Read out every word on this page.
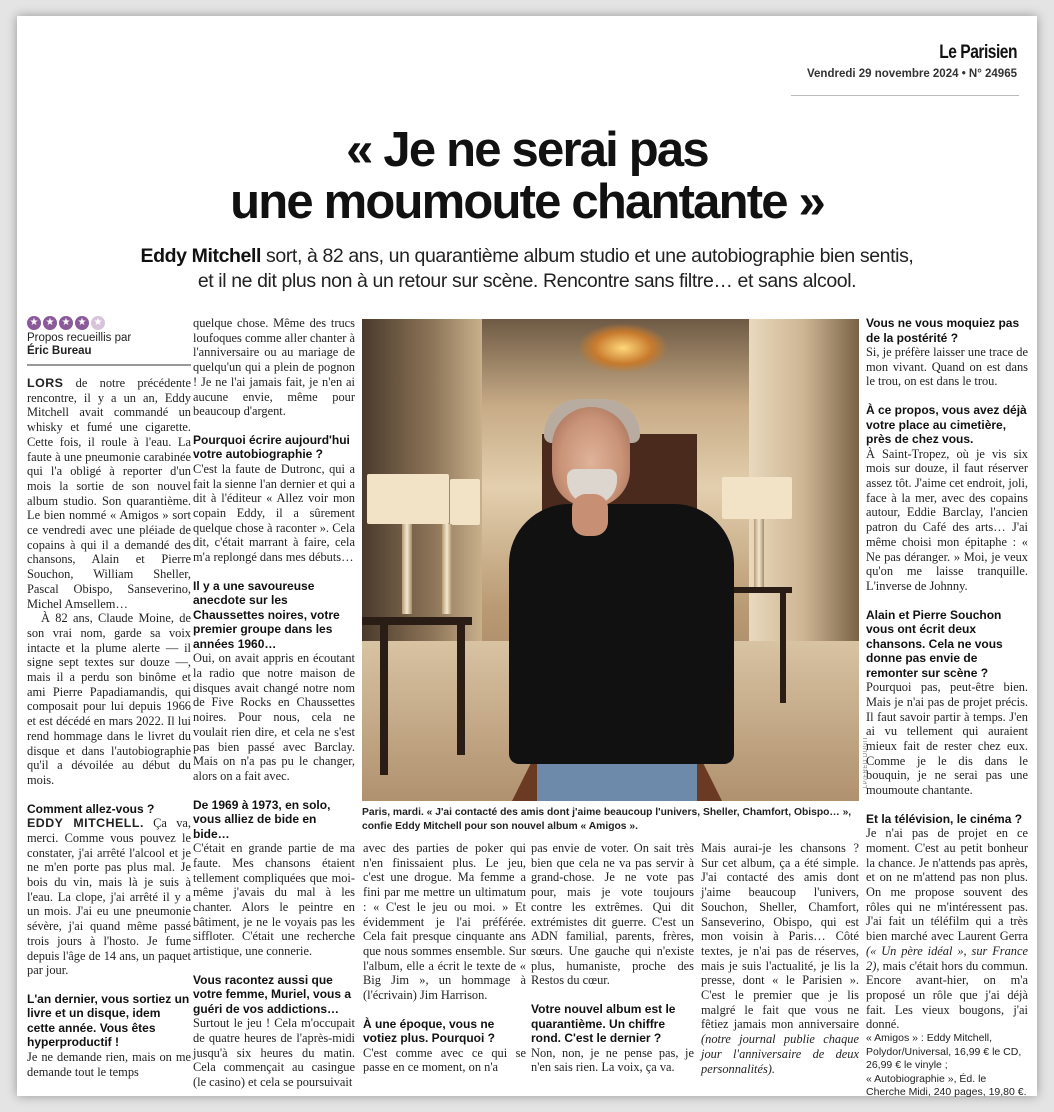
Le Parisien
Vendredi 29 novembre 2024 • N° 24965
« Je ne serai pas
une moumoute chantante »
Eddy Mitchell sort, à 82 ans, un quarantième album studio et une autobiographie bien sentis,
et il ne dit plus non à un retour sur scène. Rencontre sans filtre… et sans alcool.
★ ★ ★ ★ ★
Propos recueillis par
Éric Bureau

LORS de notre précédente rencontre, il y a un an, Eddy Mitchell avait commandé un whisky et fumé une cigarette. Cette fois, il roule à l'eau. La faute à une pneumonie carabinée qui l'a obligé à reporter d'un mois la sortie de son nouvel album studio. Son quarantième. Le bien nommé « Amigos » sort ce vendredi avec une pléiade de copains à qui il a demandé des chansons, Alain et Pierre Souchon, William Sheller, Pascal Obispo, Sanseverino, Michel Amsellem…

À 82 ans, Claude Moine, de son vrai nom, garde sa voix intacte et la plume alerte — il signe sept textes sur douze —, mais il a perdu son binôme et ami Pierre Papadiamandis, qui composait pour lui depuis 1966 et est décédé en mars 2022. Il lui rend hommage dans le livret du disque et dans l'autobiographie qu'il a dévoilée au début du mois.

Comment allez-vous ?

EDDY MITCHELL. Ça va, merci. Comme vous pouvez le constater, j'ai arrêté l'alcool et je ne m'en porte pas plus mal. Je bois du vin, mais là je suis à l'eau. La clope, j'ai arrêté il y a un mois. J'ai eu une pneumonie sévère, j'ai quand même passé trois jours à l'hosto. Je fume depuis l'âge de 14 ans, un paquet par jour.

L'an dernier, vous sortiez un livre et un disque, idem cette année. Vous êtes hyperproductif !

Je ne demande rien, mais on me demande tout le temps

quelque chose. Même des trucs loufoques comme aller chanter à l'anniversaire ou au mariage de quelqu'un qui a plein de pognon ! Je ne l'ai jamais fait, je n'en ai aucune envie, même pour beaucoup d'argent.

Pourquoi écrire aujourd'hui votre autobiographie ?

C'est la faute de Dutronc, qui a fait la sienne l'an dernier et qui a dit à l'éditeur « Allez voir mon copain Eddy, il a sûrement quelque chose à raconter ». Cela dit, c'était marrant à faire, cela m'a replongé dans mes débuts…

Il y a une savoureuse anecdote sur les Chaussettes noires, votre premier groupe dans les années 1960…

Oui, on avait appris en écoutant la radio que notre maison de disques avait changé notre nom de Five Rocks en Chaussettes noires. Pour nous, cela ne voulait rien dire, et cela ne s'est pas bien passé avec Barclay. Mais on n'a pas pu le changer, alors on a fait avec.

De 1969 à 1973, en solo, vous alliez de bide en bide…

C'était en grande partie de ma faute. Mes chansons étaient tellement compliquées que moi-même j'avais du mal à les chanter. Alors le peintre en bâtiment, je ne le voyais pas les siffloter. C'était une recherche artistique, une connerie.

Vous racontez aussi que votre femme, Muriel, vous a guéri de vos addictions…

Surtout le jeu ! Cela m'occupait de quatre heures de l'après-midi jusqu'à six heures du matin. Cela commençait au casingue (le casino) et cela se poursuivait

LP/FRED DUGIT
Paris, mardi. « J'ai contacté des amis dont j'aime beaucoup l'univers, Sheller, Chamfort, Obispo… », confie Eddy Mitchell pour son nouvel album « Amigos ».

avec des parties de poker qui n'en finissaient plus. Le jeu, c'est une drogue. Ma femme a fini par me mettre un ultimatum : « C'est le jeu ou moi. » Et évidemment je l'ai préférée. Cela fait presque cinquante ans que nous sommes ensemble. Sur l'album, elle a écrit le texte de « Big Jim », un hommage à (l'écrivain) Jim Harrison.

À une époque, vous ne votiez plus. Pourquoi ?

C'est comme avec ce qui se passe en ce moment, on n'a

pas envie de voter. On sait très bien que cela ne va pas servir à grand-chose. Je ne vote pas pour, mais je vote toujours contre les extrêmes. Qui dit extrémistes dit guerre. C'est un ADN familial, parents, frères, sœurs. Une gauche qui n'existe plus, humaniste, proche des Restos du cœur.

Votre nouvel album est le quarantième. Un chiffre rond. C'est le dernier ?

Non, non, je ne pense pas, je n'en sais rien. La voix, ça va.

Mais aurai-je les chansons ? Sur cet album, ça a été simple. J'ai contacté des amis dont j'aime beaucoup l'univers, Souchon, Sheller, Chamfort, Sanseverino, Obispo, qui est mon voisin à Paris… Côté textes, je n'ai pas de réserves, mais je suis l'actualité, je lis la presse, dont « le Parisien ». C'est le premier que je lis malgré le fait que vous ne fêtiez jamais mon anniversaire (notre journal publie chaque jour l'anniversaire de deux personnalités).

Vous ne vous moquiez pas de la postérité ?

Si, je préfère laisser une trace de mon vivant. Quand on est dans le trou, on est dans le trou.

À ce propos, vous avez déjà votre place au cimetière, près de chez vous.

À Saint-Tropez, où je vis six mois sur douze, il faut réserver assez tôt. J'aime cet endroit, joli, face à la mer, avec des copains autour, Eddie Barclay, l'ancien patron du Café des arts… J'ai même choisi mon épitaphe : « Ne pas déranger. » Moi, je veux qu'on me laisse tranquille. L'inverse de Johnny.

Alain et Pierre Souchon vous ont écrit deux chansons. Cela ne vous donne pas envie de remonter sur scène ?

Pourquoi pas, peut-être bien. Mais je n'ai pas de projet précis. Il faut savoir partir à temps. J'en ai vu tellement qui auraient mieux fait de rester chez eux. Comme je le dis dans le bouquin, je ne serai pas une moumoute chantante.

Et la télévision, le cinéma ?

Je n'ai pas de projet en ce moment. C'est au petit bonheur la chance. Je n'attends pas après, et on ne m'attend pas non plus. On me propose souvent des rôles qui ne m'intéressent pas. J'ai fait un téléfilm qui a très bien marché avec Laurent Gerra (« Un père idéal », sur France 2), mais c'était hors du commun. Encore avant-hier, on m'a proposé un rôle que j'ai déjà fait. Les vieux bougons, j'ai donné.

« Amigos » : Eddy Mitchell, Polydor/Universal, 16,99 € le CD, 26,99 € le vinyle ;

« Autobiographie », Éd. le Cherche Midi, 240 pages, 19,80 €.
